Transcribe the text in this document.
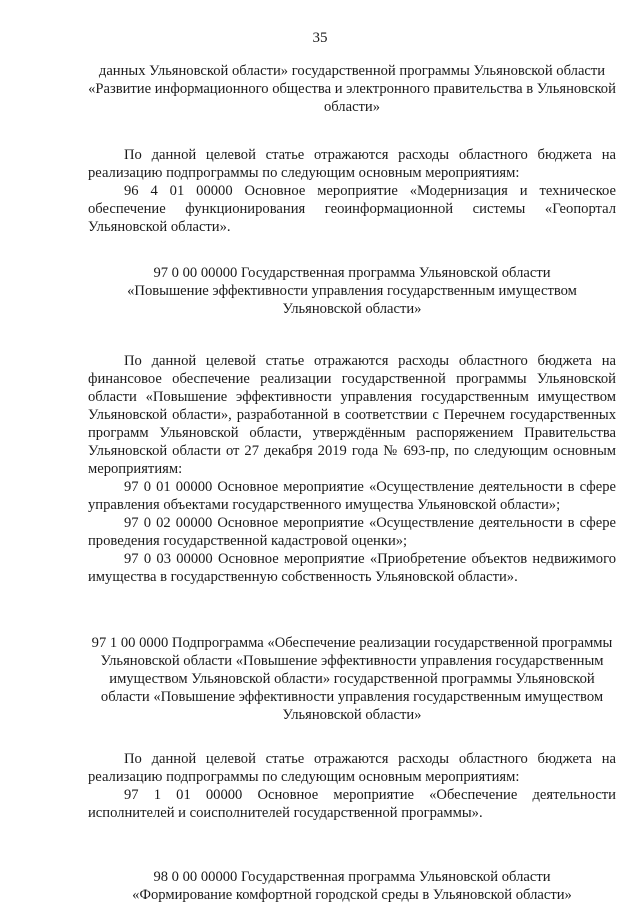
35

данных Ульяновской области» государственной программы Ульяновской области «Развитие информационного общества и электронного правительства в Ульяновской области»

По данной целевой статье отражаются расходы областного бюджета на реализацию подпрограммы по следующим основным мероприятиям:

96 4 01 00000 Основное мероприятие «Модернизация и техническое обеспечение функционирования геоинформационной системы «Геопортал Ульяновской области».

97 0 00 00000 Государственная программа Ульяновской области «Повышение эффективности управления государственным имуществом Ульяновской области»

По данной целевой статье отражаются расходы областного бюджета на финансовое обеспечение реализации государственной программы Ульяновской области «Повышение эффективности управления государственным имуществом Ульяновской области», разработанной в соответствии с Перечнем государственных программ Ульяновской области, утверждённым распоряжением Правительства Ульяновской области от 27 декабря 2019 года № 693-пр, по следующим основным мероприятиям:

97 0 01 00000 Основное мероприятие «Осуществление деятельности в сфере управления объектами государственного имущества Ульяновской области»;

97 0 02 00000 Основное мероприятие «Осуществление деятельности в сфере проведения государственной кадастровой оценки»;

97 0 03 00000 Основное мероприятие «Приобретение объектов недвижимого имущества в государственную собственность Ульяновской области».

97 1 00 0000 Подпрограмма «Обеспечение реализации государственной программы Ульяновской области «Повышение эффективности управления государственным имуществом Ульяновской области» государственной программы Ульяновской области «Повышение эффективности управления государственным имуществом Ульяновской области»

По данной целевой статье отражаются расходы областного бюджета на реализацию подпрограммы по следующим основным мероприятиям:

97 1 01 00000 Основное мероприятие «Обеспечение деятельности исполнителей и соисполнителей государственной программы».

98 0 00 00000 Государственная программа Ульяновской области «Формирование комфортной городской среды в Ульяновской области»
